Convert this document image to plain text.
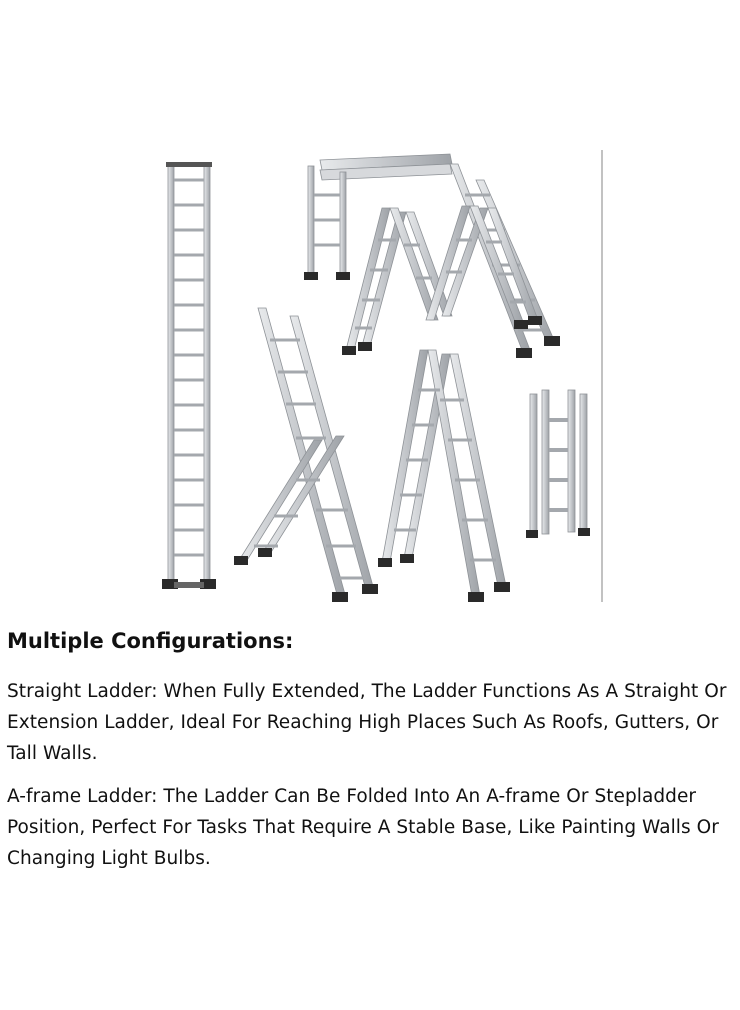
Multiple Configurations:

Straight Ladder: When Fully Extended, The Ladder Functions As A Straight Or Extension Ladder, Ideal For Reaching High Places Such As Roofs, Gutters, Or Tall Walls.

A-frame Ladder: The Ladder Can Be Folded Into An A-frame Or Stepladder Position, Perfect For Tasks That Require A Stable Base, Like Painting Walls Or Changing Light Bulbs.
